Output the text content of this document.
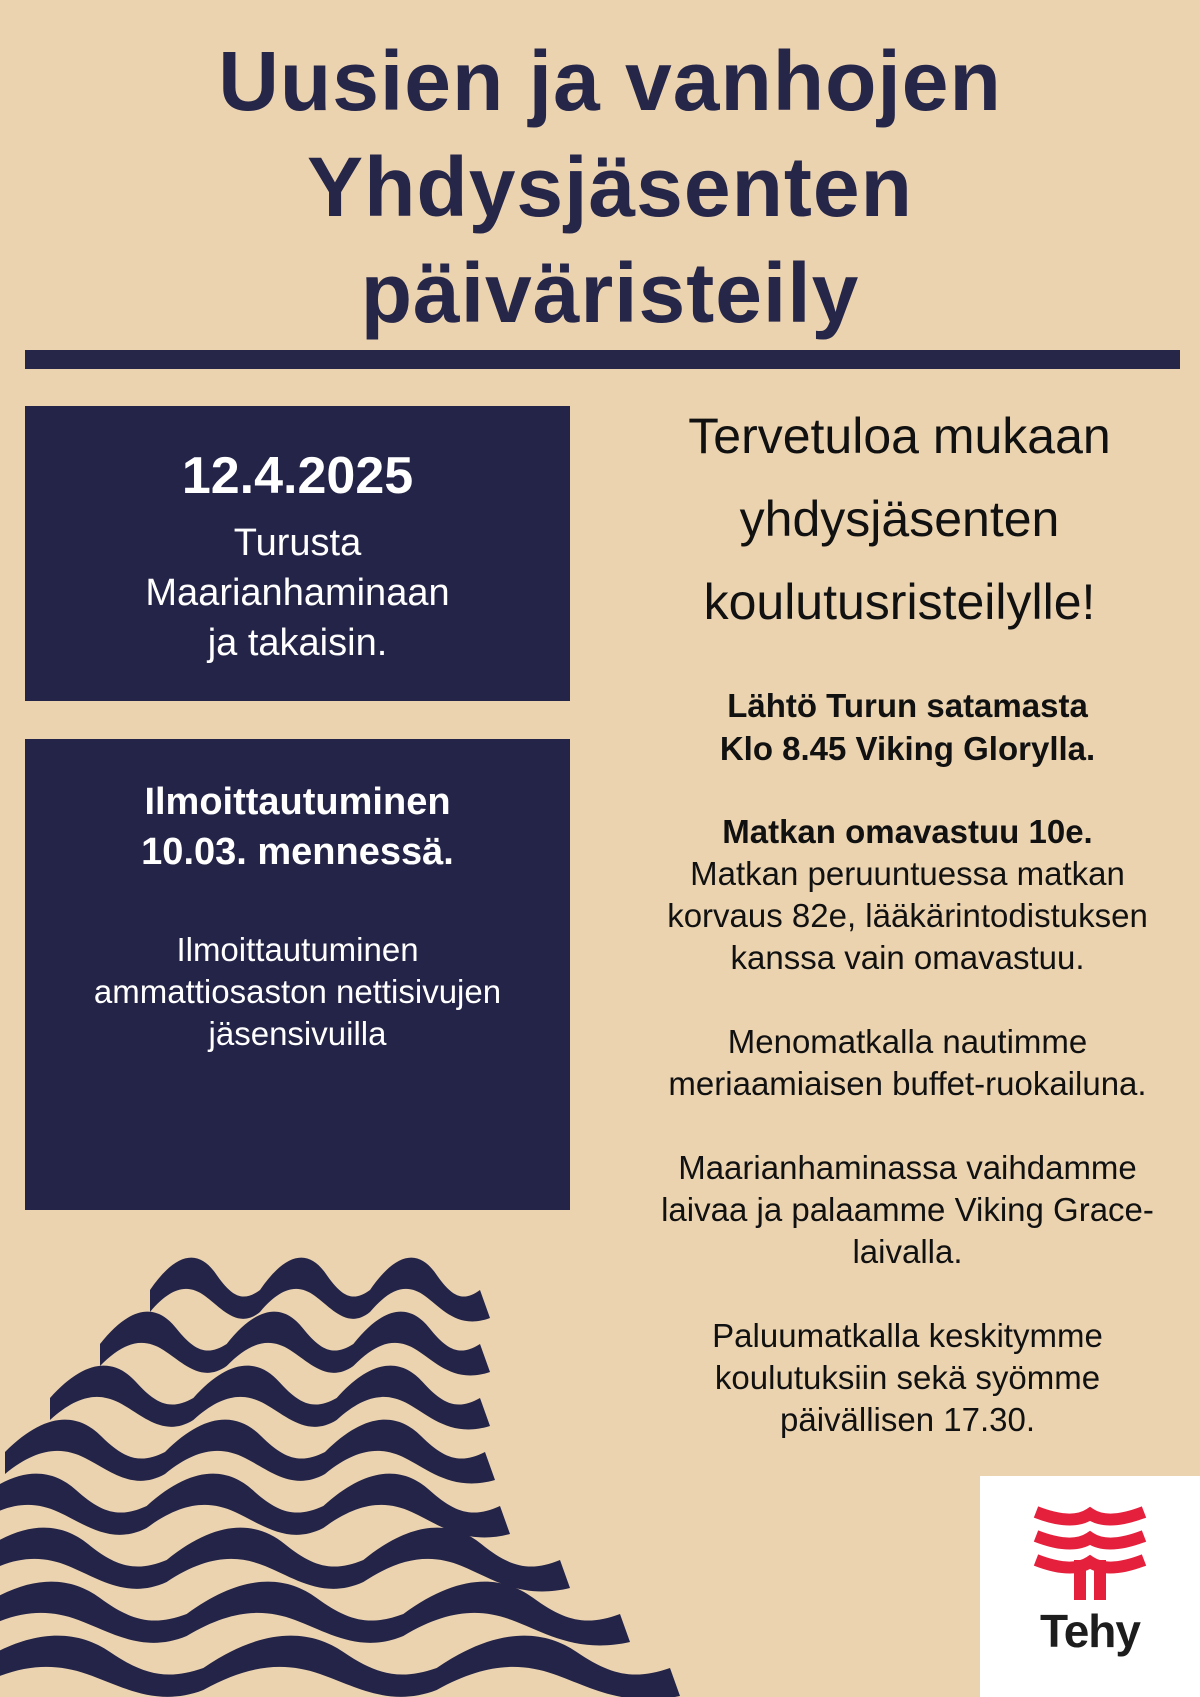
Uusien ja vanhojen
Yhdysjäsenten
päiväristeily
12.4.2025
Turusta
Maarianhaminaan
ja takaisin.
Ilmoittautuminen
10.03. mennessä.
Ilmoittautuminen
ammattiosaston nettisivujen
jäsensivuilla
Tervetuloa mukaan
yhdysjäsenten
koulutusristeilylle!
Lähtö Turun satamasta
Klo 8.45 Viking Glorylla.
Matkan omavastuu 10e.
Matkan peruuntuessa matkan
korvaus 82e, lääkärintodistuksen
kanssa vain omavastuu.
Menomatkalla nautimme
meriaamiaisen buffet-ruokailuna.
Maarianhaminassa vaihdamme
laivaa ja palaamme Viking Grace-
laivalla.
Paluumatkalla keskitymme
koulutuksiin sekä syömme
päivällisen 17.30.
Tehy
